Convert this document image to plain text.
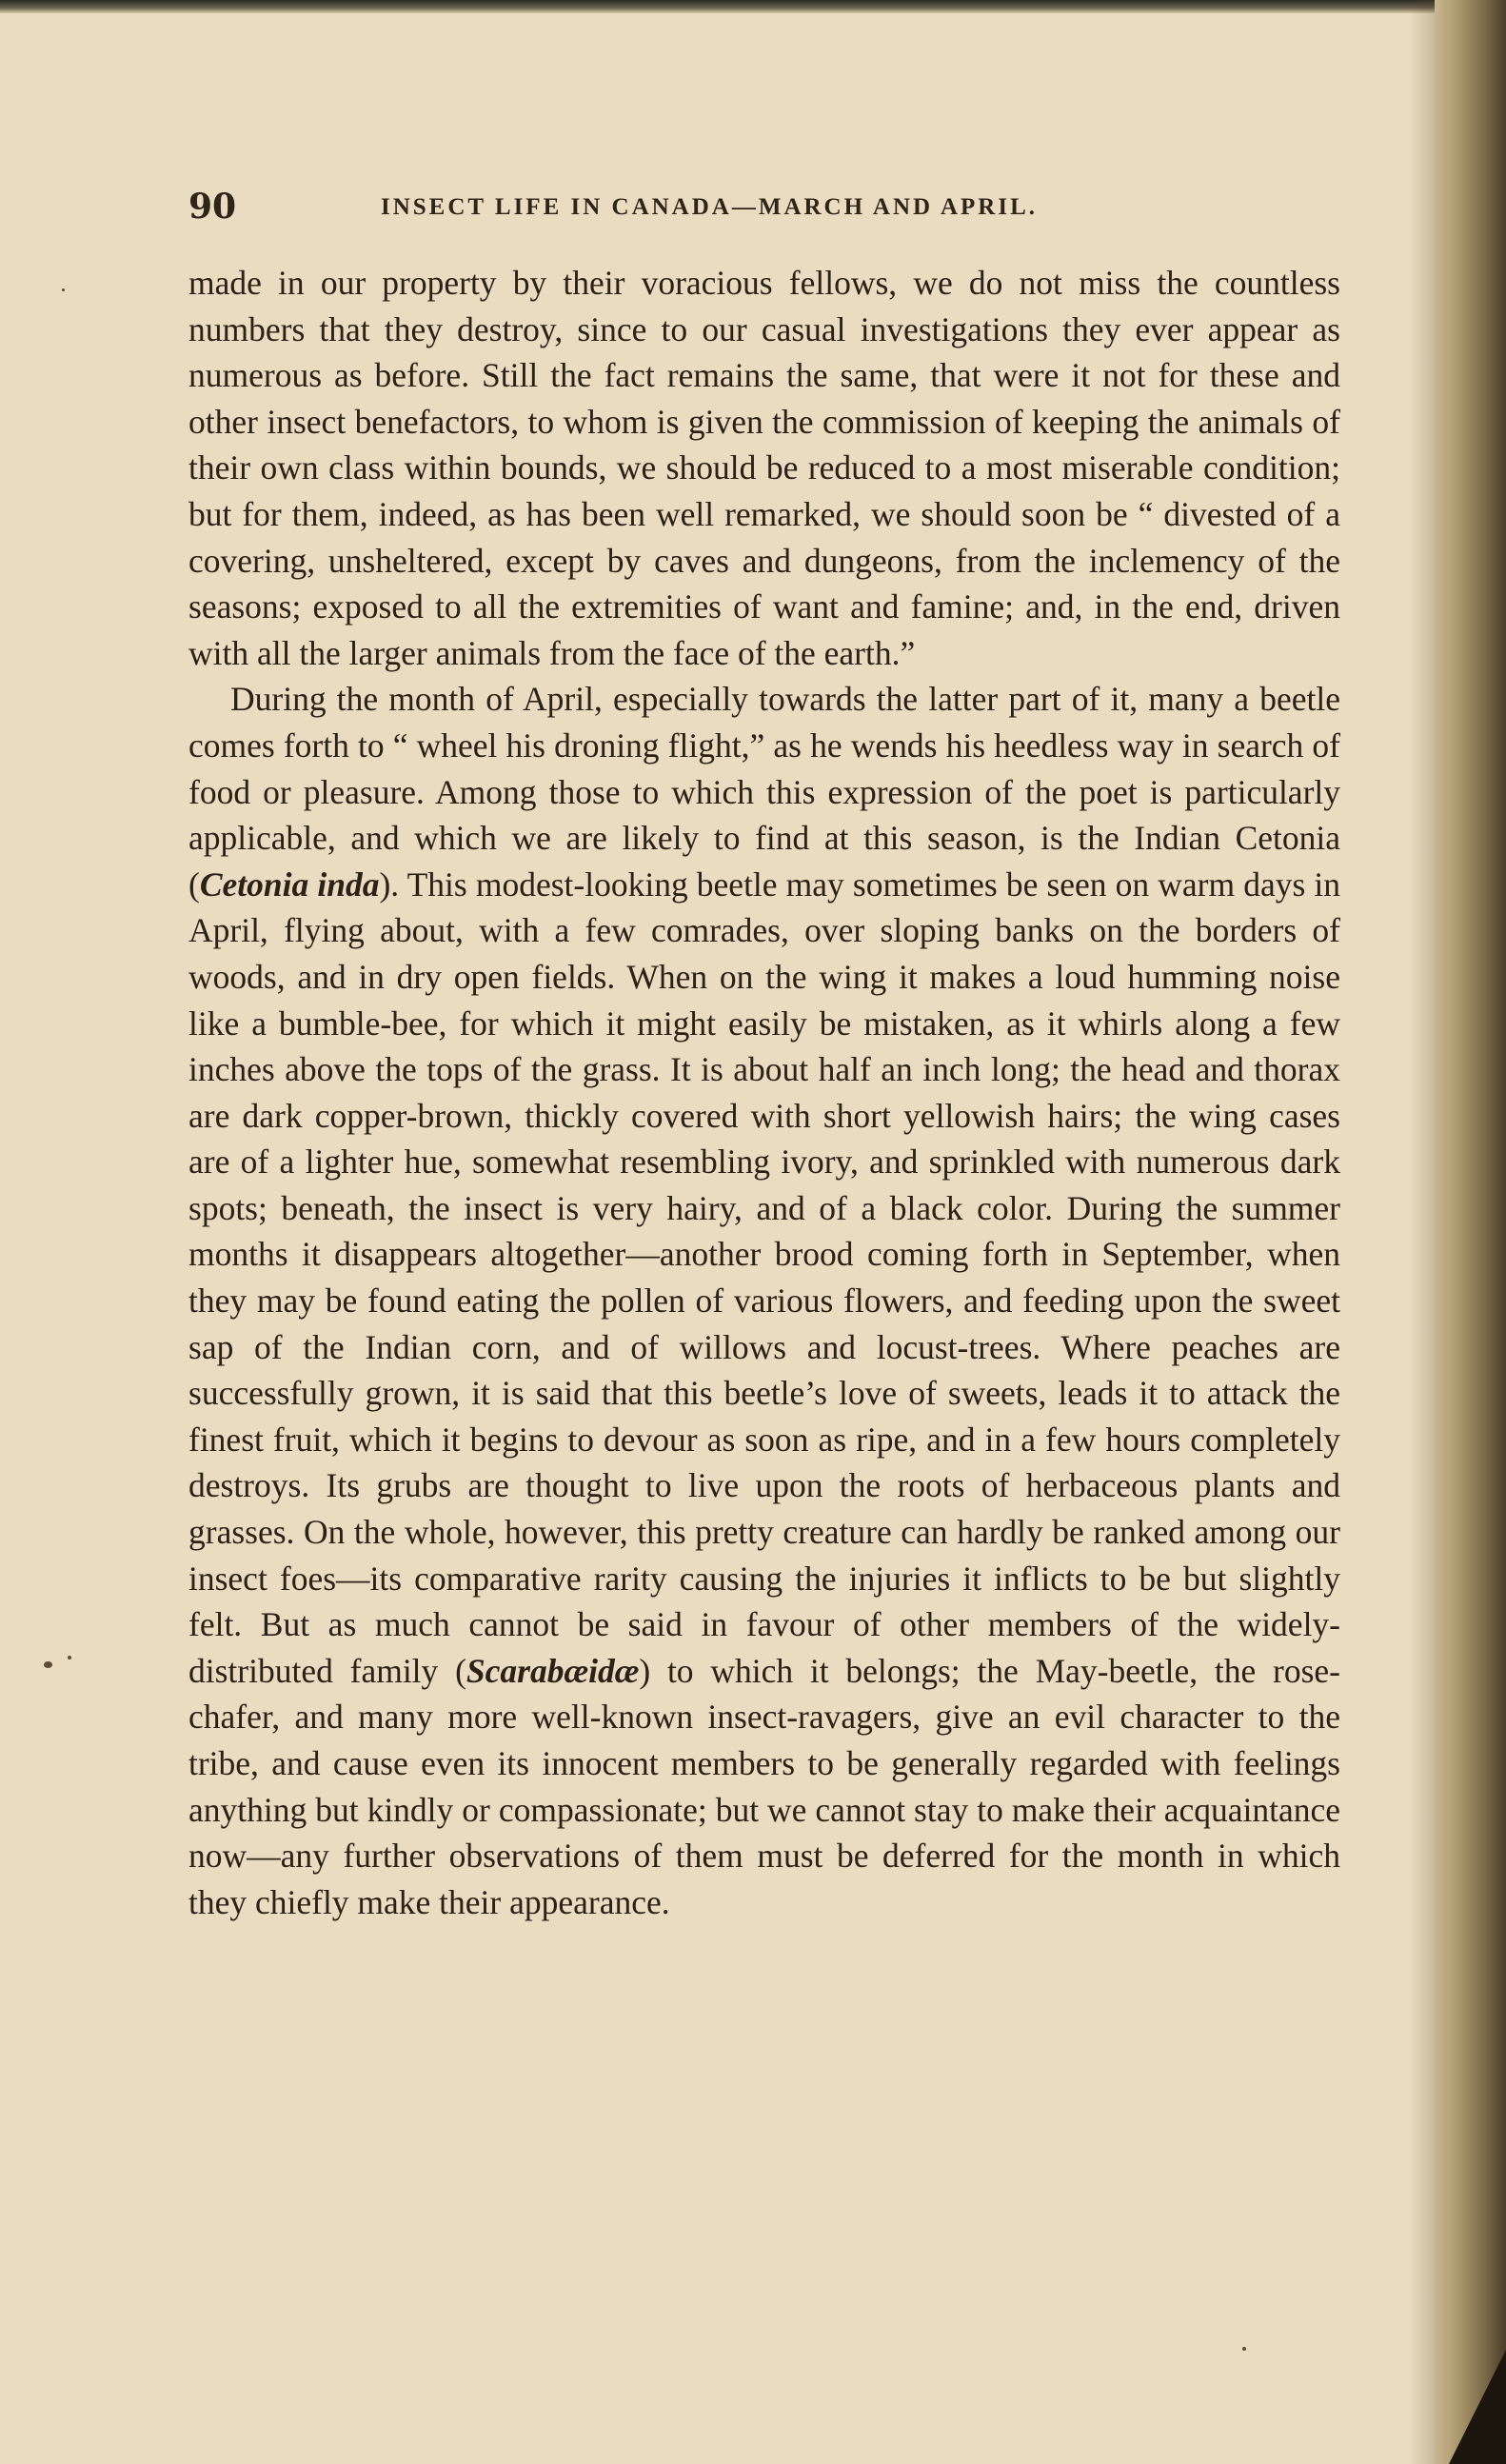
90	INSECT LIFE IN CANADA—MARCH AND APRIL.

made in our property by their voracious fellows, we do not miss the countless numbers that they destroy, since to our casual investigations they ever appear as numerous as before. Still the fact remains the same, that were it not for these and other insect benefactors, to whom is given the commission of keeping the animals of their own class within bounds, we should be reduced to a most miserable condition; but for them, indeed, as has been well remarked, we should soon be “ divested of a covering, unsheltered, except by caves and dungeons, from the inclemency of the seasons; exposed to all the extremities of want and famine; and, in the end, driven with all the larger animals from the face of the earth.”

During the month of April, especially towards the latter part of it, many a beetle comes forth to “ wheel his droning flight,” as he wends his heedless way in search of food or pleasure. Among those to which this expression of the poet is particularly applicable, and which we are likely to find at this season, is the Indian Cetonia (Cetonia inda). This modest-looking beetle may sometimes be seen on warm days in April, flying about, with a few comrades, over sloping banks on the borders of woods, and in dry open fields. When on the wing it makes a loud humming noise like a bumble-bee, for which it might easily be mistaken, as it whirls along a few inches above the tops of the grass. It is about half an inch long; the head and thorax are dark copper-brown, thickly covered with short yellowish hairs; the wing cases are of a lighter hue, somewhat resembling ivory, and sprinkled with numerous dark spots; beneath, the insect is very hairy, and of a black color. During the summer months it disappears altogether—another brood coming forth in September, when they may be found eating the pollen of various flowers, and feeding upon the sweet sap of the Indian corn, and of willows and locust-trees. Where peaches are successfully grown, it is said that this beetle’s love of sweets, leads it to attack the finest fruit, which it begins to devour as soon as ripe, and in a few hours completely destroys. Its grubs are thought to live upon the roots of herbaceous plants and grasses. On the whole, however, this pretty creature can hardly be ranked among our insect foes—its comparative rarity causing the injuries it inflicts to be but slightly felt. But as much cannot be said in favour of other members of the widely-distributed family (Scarabæidæ) to which it belongs; the May-beetle, the rose-chafer, and many more well-known insect-ravagers, give an evil character to the tribe, and cause even its innocent members to be generally regarded with feelings anything but kindly or compassionate; but we cannot stay to make their acquaintance now—any further observations of them must be deferred for the month in which they chiefly make their appearance.
